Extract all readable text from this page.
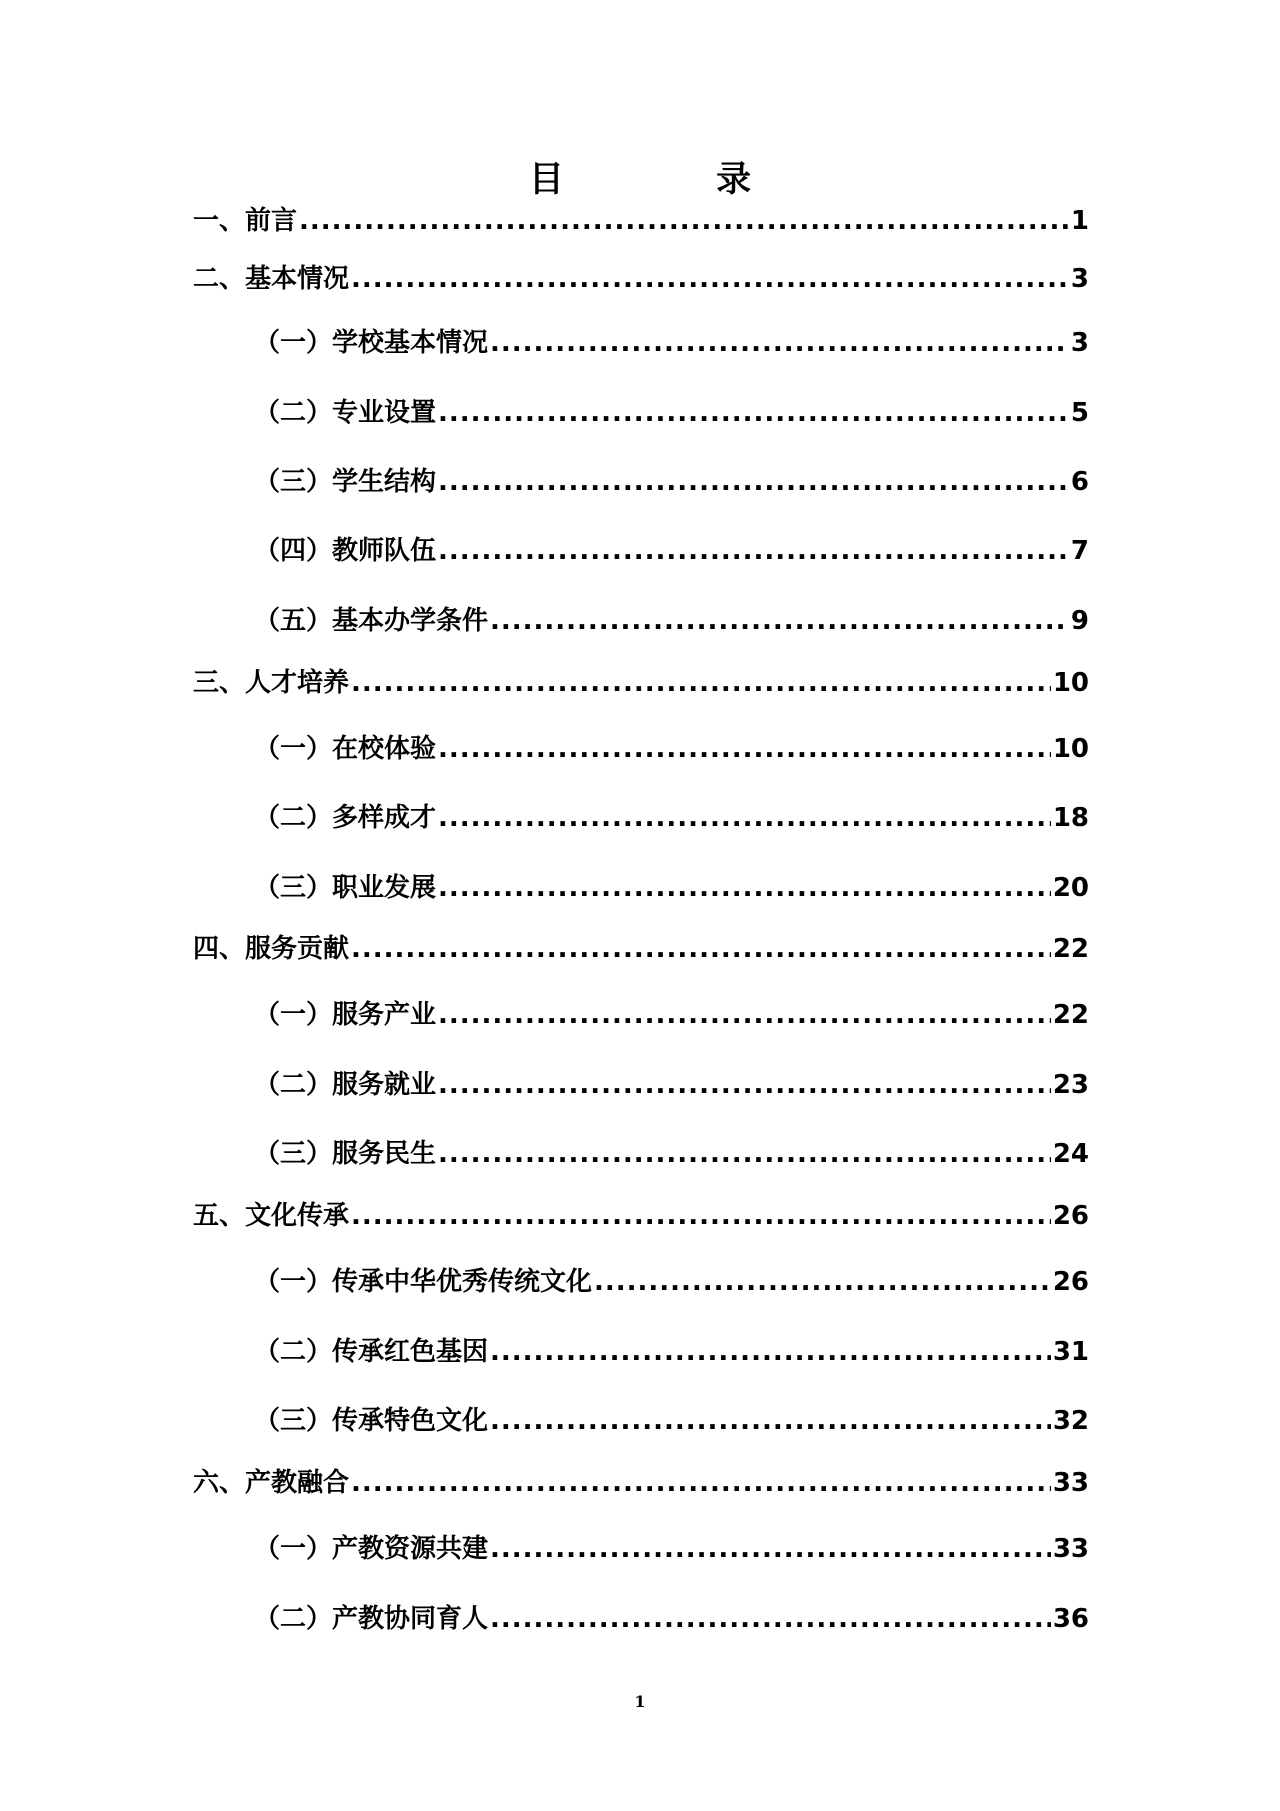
目 录
一、前言 .....	1
二、基本情况 .....	3
（一）学校基本情况 .....	3
（二）专业设置 .....	5
（三）学生结构 .....	6
（四）教师队伍 .....	7
（五）基本办学条件 .....	9
三、人才培养 .....	10
（一）在校体验 .....	10
（二）多样成才 .....	18
（三）职业发展 .....	20
四、服务贡献 .....	22
（一）服务产业 .....	22
（二）服务就业 .....	23
（三）服务民生 .....	24
五、文化传承 .....	26
（一）传承中华优秀传统文化 .....	26
（二）传承红色基因 .....	31
（三）传承特色文化 .....	32
六、产教融合 .....	33
（一）产教资源共建 .....	33
（二）产教协同育人 .....	36
1
